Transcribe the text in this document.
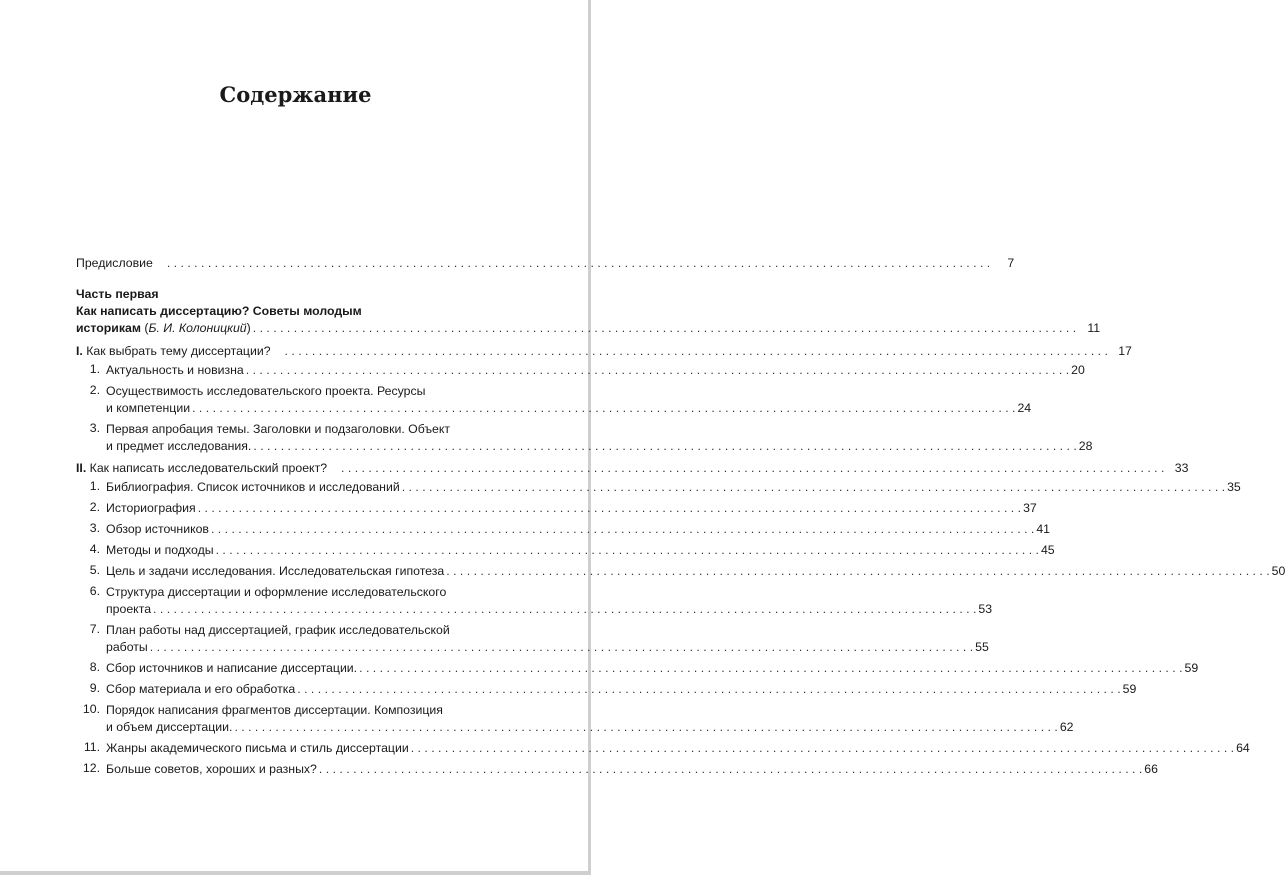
Содержание
Предисловие . . .	7
Часть первая
Как написать диссертацию? Советы молодым
историкам (Б. И. Колоницкий) . . .	11
I. Как выбрать тему диссертации? . . .	17
1. Актуальность и новизна . . .	20
2. Осуществимость исследовательского проекта. Ресурсы
и компетенции . . .	24
3. Первая апробация темы. Заголовки и подзаголовки. Объект
и предмет исследования. . . .	28
II. Как написать исследовательский проект? . . .	33
1. Библиография. Список источников и исследований . . .	35
2. Историография . . .	37
3. Обзор источников . . .	41
4. Методы и подходы . . .	45
5. Цель и задачи исследования. Исследовательская гипотеза . . .	50
6. Структура диссертации и оформление исследовательского
проекта . . .	53
7. План работы над диссертацией, график исследовательской
работы . . .	55
8. Сбор источников и написание диссертации. . . .	59
9. Сбор материала и его обработка . . .	59
10. Порядок написания фрагментов диссертации. Композиция
и объем диссертации. . . .	62
11. Жанры академического письма и стиль диссертации . . .	64
12. Больше советов, хороших и разных? . . .	66
